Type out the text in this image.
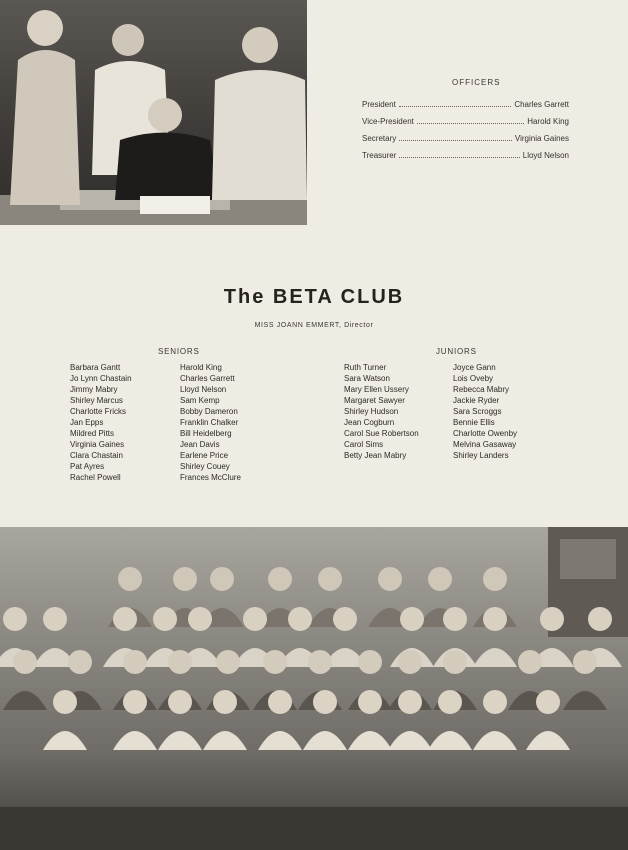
OFFICERS
President	Charles Garrett
Vice-President	Harold King
Secretary	Virginia Gaines
Treasurer	Lloyd Nelson
The BETA CLUB
MISS JOANN EMMERT, Director
SENIORS
Barbara Gantt
Jo Lynn Chastain
Jimmy Mabry
Shirley Marcus
Charlotte Fricks
Jan Epps
Mildred Pitts
Virginia Gaines
Clara Chastain
Pat Ayres
Rachel Powell
Harold King
Charles Garrett
Lloyd Nelson
Sam Kemp
Bobby Dameron
Franklin Chalker
Bill Heidelberg
Jean Davis
Earlene Price
Shirley Couey
Frances McClure
JUNIORS
Ruth Turner
Sara Watson
Mary Ellen Ussery
Margaret Sawyer
Shirley Hudson
Jean Cogburn
Carol Sue Robertson
Carol Sims
Betty Jean Mabry
Joyce Gann
Lois Oveby
Rebecca Mabry
Jackie Ryder
Sara Scroggs
Bennie Ellis
Charlotte Owenby
Melvina Gasaway
Shirley Landers
